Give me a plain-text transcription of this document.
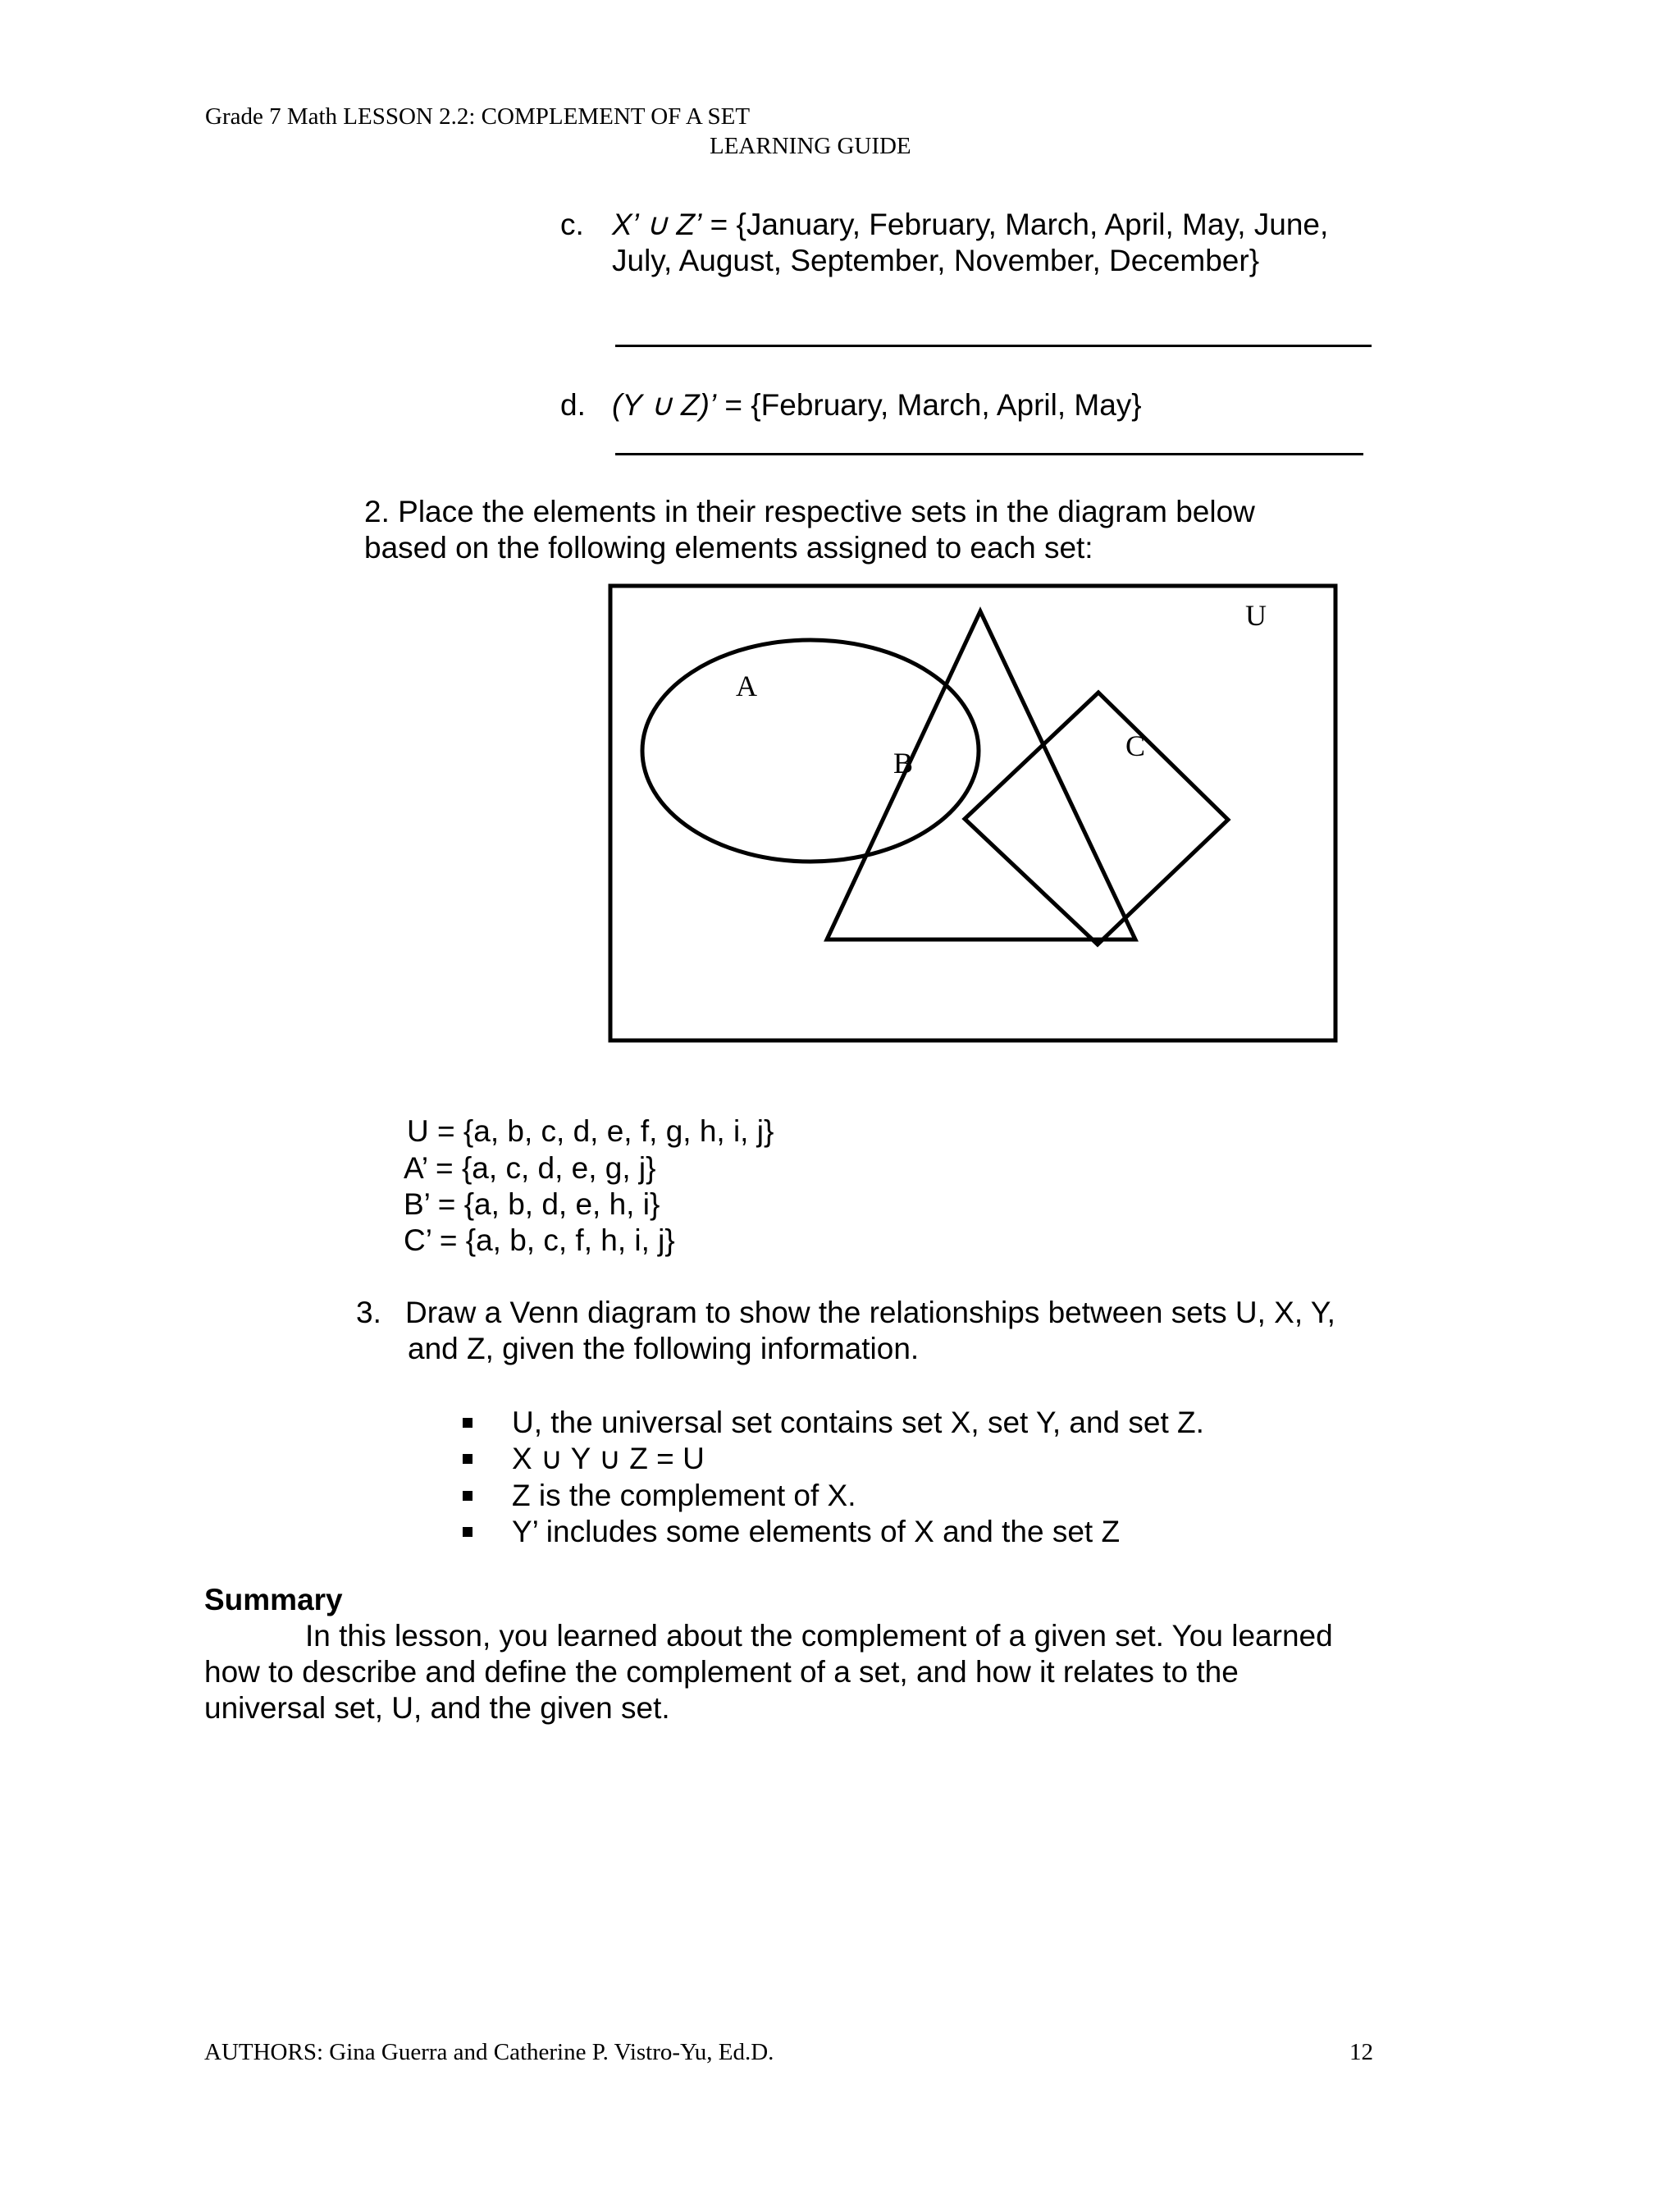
Grade 7 Math LESSON 2.2: COMPLEMENT OF A SET
LEARNING GUIDE
c. X’ ∪ Z’ = {January, February, March, April, May, June,
July, August, September, November, December}
d. (Y ∪ Z)’ = {February, March, April, May}
2. Place the elements in their respective sets in the diagram below
based on the following elements assigned to each set:
U
A
B
C
U = {a, b, c, d, e, f, g, h, i, j}
A’ = {a, c, d, e, g, j}
B’ = {a, b, d, e, h, i}
C’ = {a, b, c, f, h, i, j}
3. Draw a Venn diagram to show the relationships between sets U, X, Y,
and Z, given the following information.
U, the universal set contains set X, set Y, and set Z.
X ∪ Y ∪ Z = U
Z is the complement of X.
Y’ includes some elements of X and the set Z
Summary
In this lesson, you learned about the complement of a given set. You learned
how to describe and define the complement of a set, and how it relates to the
universal set, U, and the given set.
AUTHORS: Gina Guerra and Catherine P. Vistro-Yu, Ed.D.	12
